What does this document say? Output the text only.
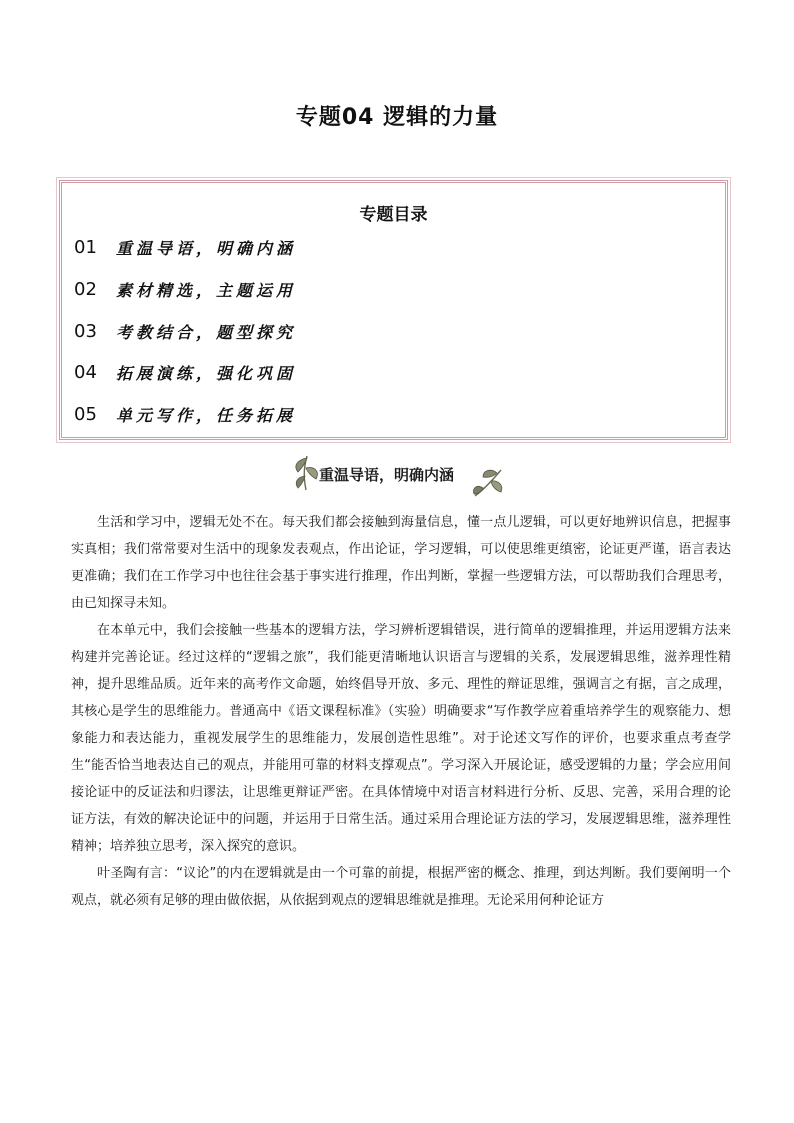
专题04 逻辑的力量
专题目录
01	重温导语，明确内涵
02	素材精选，主题运用
03	考教结合，题型探究
04	拓展演练，强化巩固
05	单元写作，任务拓展
重温导语，明确内涵

生活和学习中，逻辑无处不在。每天我们都会接触到海量信息，懂一点儿逻辑，可以更好地辨识信息，把握事实真相；我们常常要对生活中的现象发表观点，作出论证，学习逻辑，可以使思维更缜密，论证更严谨，语言表达更准确；我们在工作学习中也往往会基于事实进行推理，作出判断，掌握一些逻辑方法，可以帮助我们合理思考，由已知探寻未知。

在本单元中，我们会接触一些基本的逻辑方法，学习辨析逻辑错误，进行简单的逻辑推理，并运用逻辑方法来构建并完善论证。经过这样的“逻辑之旅”，我们能更清晰地认识语言与逻辑的关系，发展逻辑思维，滋养理性精神，提升思维品质。近年来的高考作文命题，始终倡导开放、多元、理性的辩证思维，强调言之有据，言之成理，其核心是学生的思维能力。普通高中《语文课程标准》（实验）明确要求“写作教学应着重培养学生的观察能力、想象能力和表达能力，重视发展学生的思维能力，发展创造性思维”。对于论述文写作的评价，也要求重点考查学生“能否恰当地表达自己的观点，并能用可靠的材料支撑观点”。学习深入开展论证，感受逻辑的力量；学会应用间接论证中的反证法和归谬法，让思维更辩证严密。在具体情境中对语言材料进行分析、反思、完善，采用合理的论证方法，有效的解决论证中的问题，并运用于日常生活。通过采用合理论证方法的学习，发展逻辑思维，滋养理性精神；培养独立思考，深入探究的意识。

叶圣陶有言：“议论”的内在逻辑就是由一个可靠的前提，根据严密的概念、推理，到达判断。我们要阐明一个观点，就必须有足够的理由做依据，从依据到观点的逻辑思维就是推理。无论采用何种论证方
